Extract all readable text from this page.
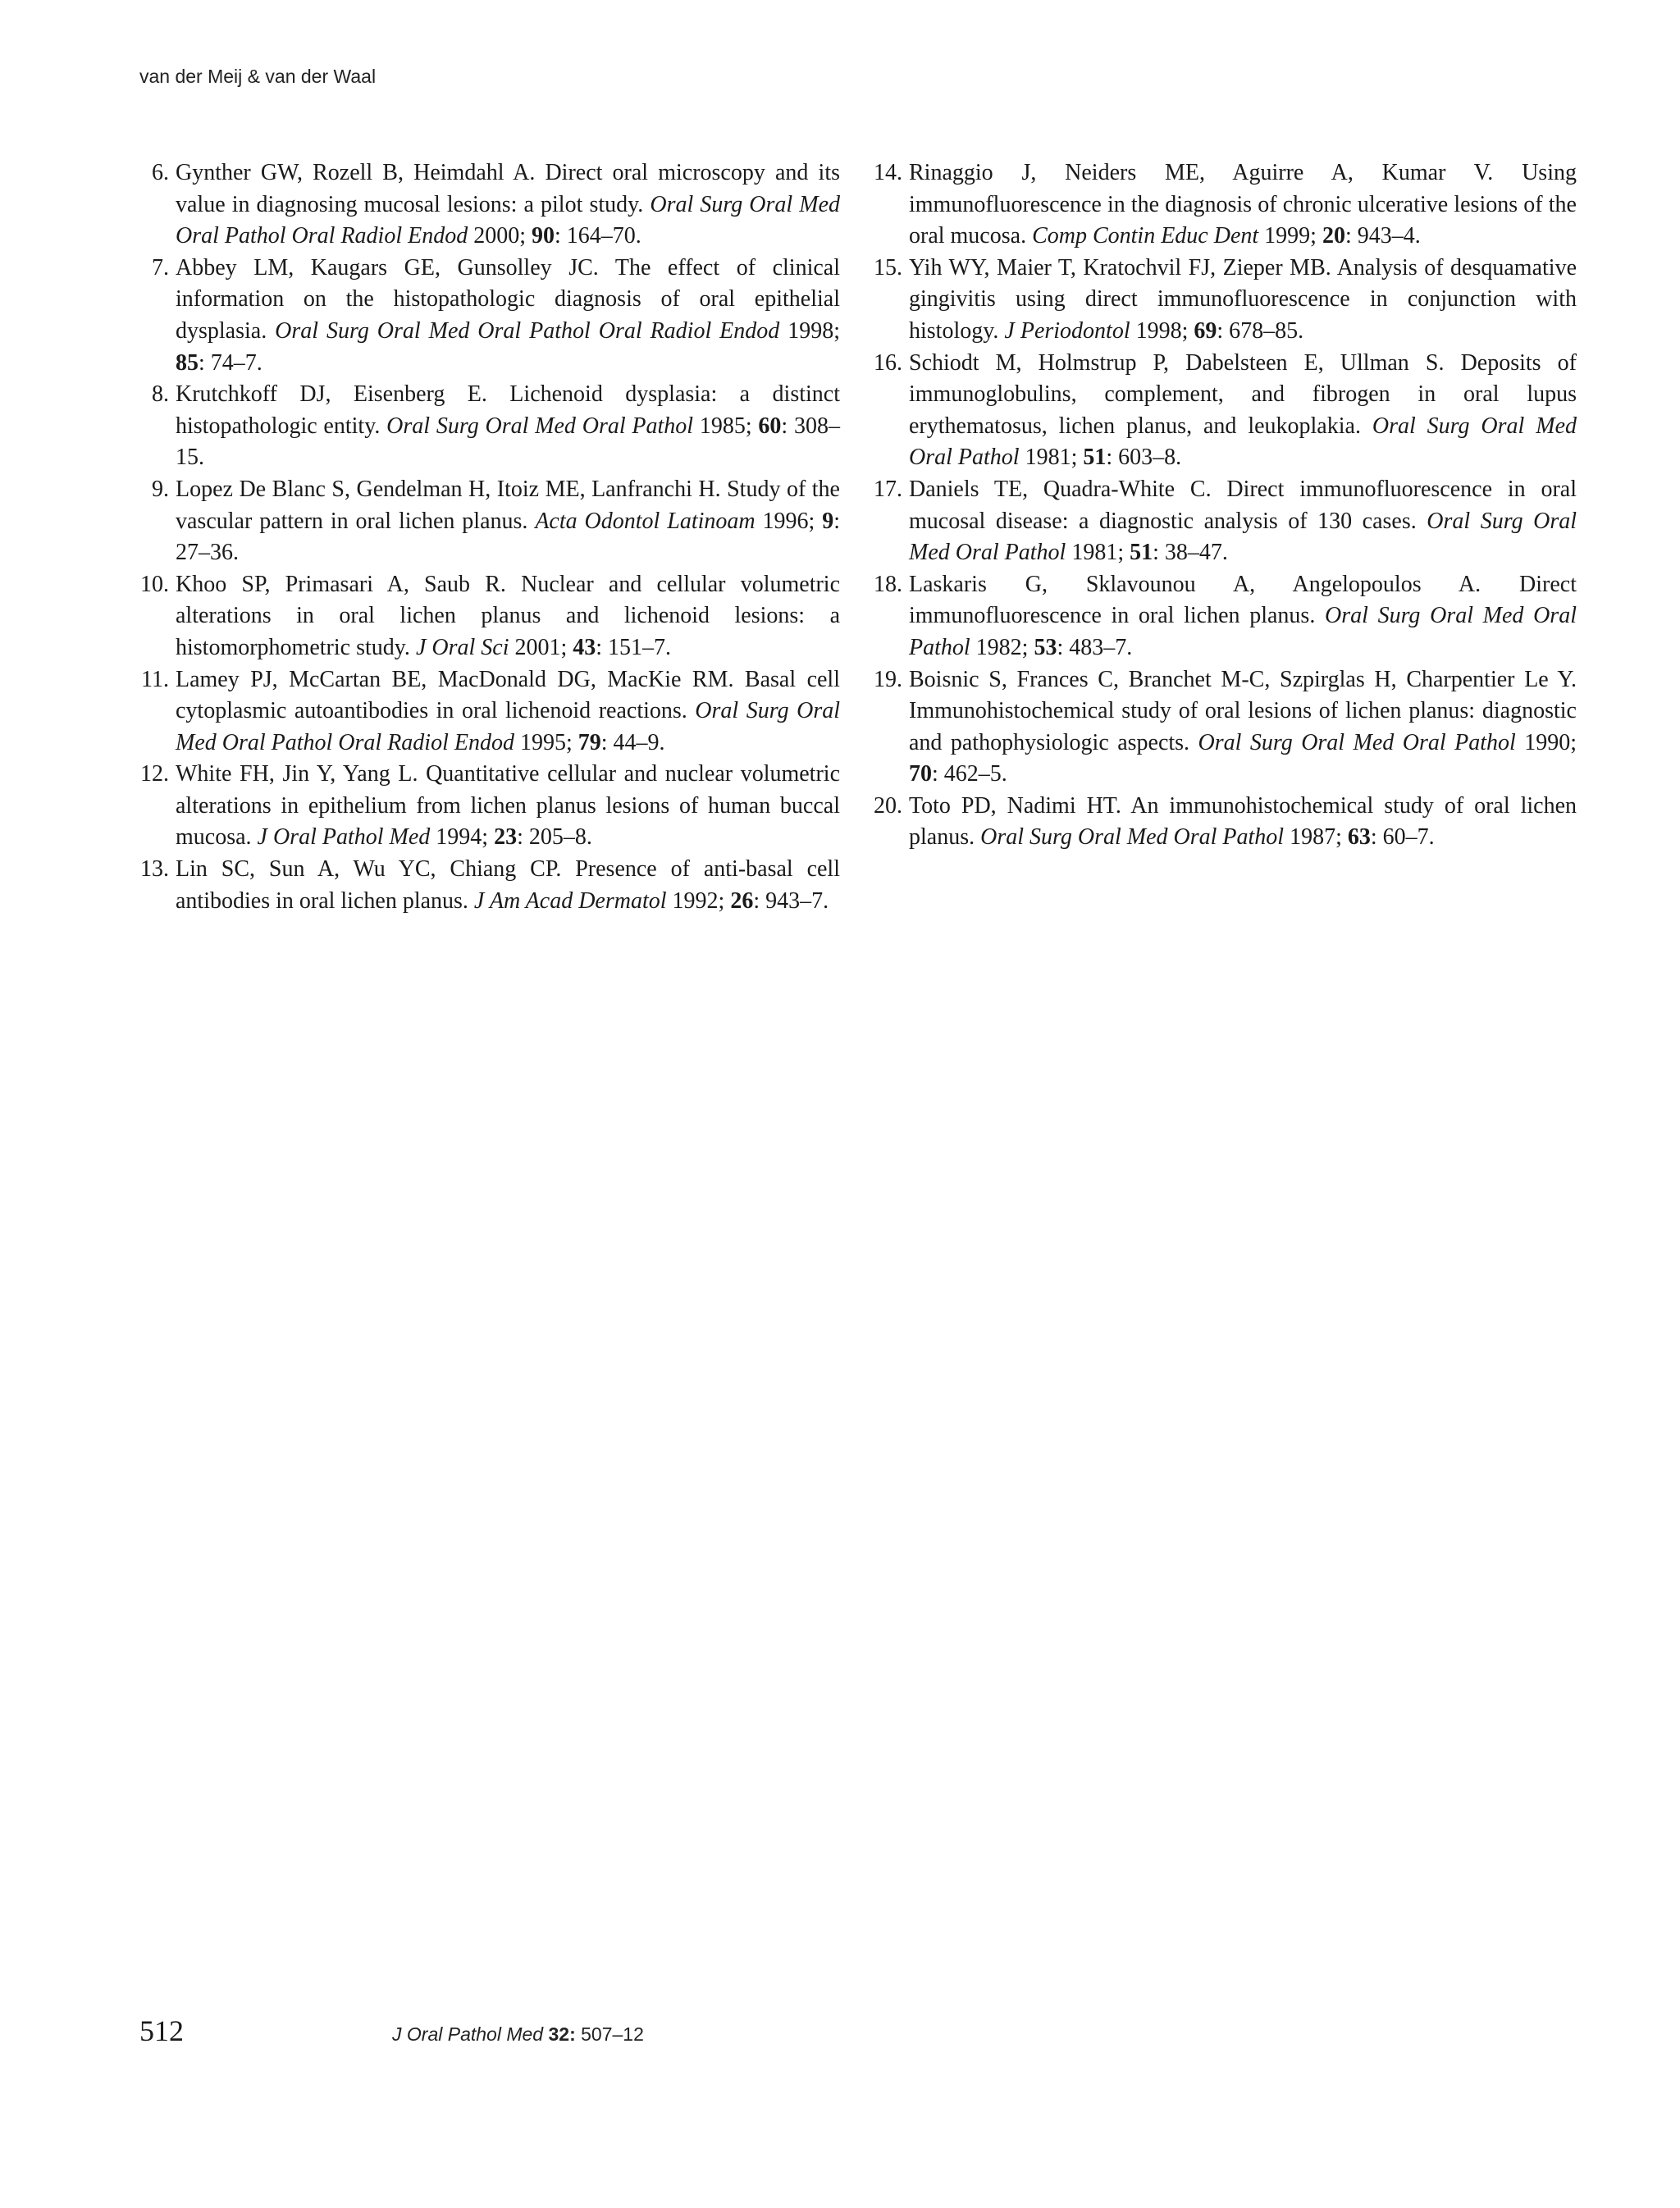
van der Meij & van der Waal
6. Gynther GW, Rozell B, Heimdahl A. Direct oral microscopy and its value in diagnosing mucosal lesions: a pilot study. Oral Surg Oral Med Oral Pathol Oral Radiol Endod 2000; 90: 164–70.
7. Abbey LM, Kaugars GE, Gunsolley JC. The effect of clinical information on the histopathologic diagnosis of oral epithelial dysplasia. Oral Surg Oral Med Oral Pathol Oral Radiol Endod 1998; 85: 74–7.
8. Krutchkoff DJ, Eisenberg E. Lichenoid dysplasia: a distinct histopathologic entity. Oral Surg Oral Med Oral Pathol 1985; 60: 308–15.
9. Lopez De Blanc S, Gendelman H, Itoiz ME, Lanfranchi H. Study of the vascular pattern in oral lichen planus. Acta Odontol Latinoam 1996; 9: 27–36.
10. Khoo SP, Primasari A, Saub R. Nuclear and cellular volumetric alterations in oral lichen planus and lichenoid lesions: a histomorphometric study. J Oral Sci 2001; 43: 151–7.
11. Lamey PJ, McCartan BE, MacDonald DG, MacKie RM. Basal cell cytoplasmic autoantibodies in oral lichenoid reactions. Oral Surg Oral Med Oral Pathol Oral Radiol Endod 1995; 79: 44–9.
12. White FH, Jin Y, Yang L. Quantitative cellular and nuclear volumetric alterations in epithelium from lichen planus lesions of human buccal mucosa. J Oral Pathol Med 1994; 23: 205–8.
13. Lin SC, Sun A, Wu YC, Chiang CP. Presence of anti-basal cell antibodies in oral lichen planus. J Am Acad Dermatol 1992; 26: 943–7.
14. Rinaggio J, Neiders ME, Aguirre A, Kumar V. Using immunofluorescence in the diagnosis of chronic ulcerative lesions of the oral mucosa. Comp Contin Educ Dent 1999; 20: 943–4.
15. Yih WY, Maier T, Kratochvil FJ, Zieper MB. Analysis of desquamative gingivitis using direct immunofluorescence in conjunction with histology. J Periodontol 1998; 69: 678–85.
16. Schiodt M, Holmstrup P, Dabelsteen E, Ullman S. Deposits of immunoglobulins, complement, and fibrogen in oral lupus erythematosus, lichen planus, and leukoplakia. Oral Surg Oral Med Oral Pathol 1981; 51: 603–8.
17. Daniels TE, Quadra-White C. Direct immunofluorescence in oral mucosal disease: a diagnostic analysis of 130 cases. Oral Surg Oral Med Oral Pathol 1981; 51: 38–47.
18. Laskaris G, Sklavounou A, Angelopoulos A. Direct immunofluorescence in oral lichen planus. Oral Surg Oral Med Oral Pathol 1982; 53: 483–7.
19. Boisnic S, Frances C, Branchet M-C, Szpirglas H, Charpentier Le Y. Immunohistochemical study of oral lesions of lichen planus: diagnostic and pathophysiologic aspects. Oral Surg Oral Med Oral Pathol 1990; 70: 462–5.
20. Toto PD, Nadimi HT. An immunohistochemical study of oral lichen planus. Oral Surg Oral Med Oral Pathol 1987; 63: 60–7.
512	J Oral Pathol Med 32: 507–12
